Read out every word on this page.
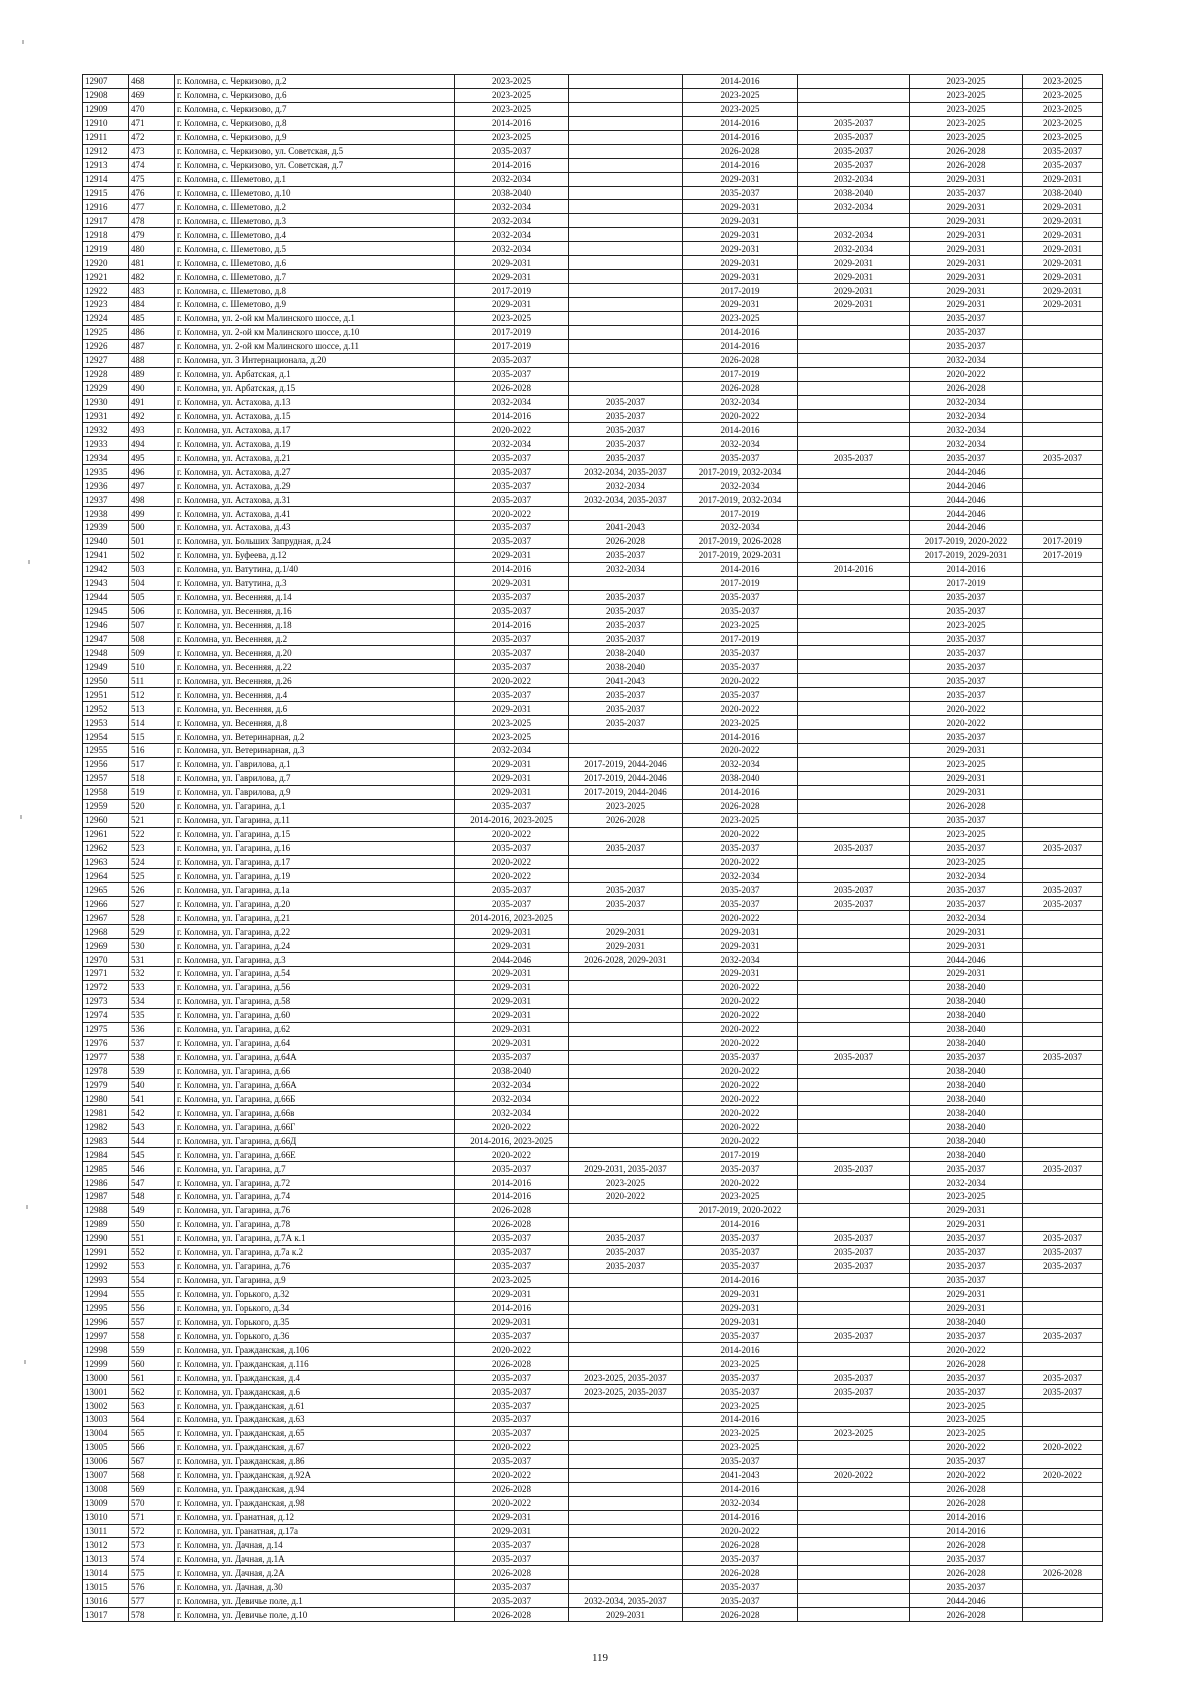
12907	468	г. Коломна, с. Черкизово, д.2	2023-2025		2014-2016		2023-2025	2023-2025
12908	469	г. Коломна, с. Черкизово, д.6	2023-2025		2023-2025		2023-2025	2023-2025
12909	470	г. Коломна, с. Черкизово, д.7	2023-2025		2023-2025		2023-2025	2023-2025
12910	471	г. Коломна, с. Черкизово, д.8	2014-2016		2014-2016	2035-2037	2023-2025	2023-2025
12911	472	г. Коломна, с. Черкизово, д.9	2023-2025		2014-2016	2035-2037	2023-2025	2023-2025
12912	473	г. Коломна, с. Черкизово, ул. Советская, д.5	2035-2037		2026-2028	2035-2037	2026-2028	2035-2037
12913	474	г. Коломна, с. Черкизово, ул. Советская, д.7	2014-2016		2014-2016	2035-2037	2026-2028	2035-2037
12914	475	г. Коломна, с. Шеметово, д.1	2032-2034		2029-2031	2032-2034	2029-2031	2029-2031
12915	476	г. Коломна, с. Шеметово, д.10	2038-2040		2035-2037	2038-2040	2035-2037	2038-2040
12916	477	г. Коломна, с. Шеметово, д.2	2032-2034		2029-2031	2032-2034	2029-2031	2029-2031
12917	478	г. Коломна, с. Шеметово, д.3	2032-2034		2029-2031		2029-2031	2029-2031
12918	479	г. Коломна, с. Шеметово, д.4	2032-2034		2029-2031	2032-2034	2029-2031	2029-2031
12919	480	г. Коломна, с. Шеметово, д.5	2032-2034		2029-2031	2032-2034	2029-2031	2029-2031
12920	481	г. Коломна, с. Шеметово, д.6	2029-2031		2029-2031	2029-2031	2029-2031	2029-2031
12921	482	г. Коломна, с. Шеметово, д.7	2029-2031		2029-2031	2029-2031	2029-2031	2029-2031
12922	483	г. Коломна, с. Шеметово, д.8	2017-2019		2017-2019	2029-2031	2029-2031	2029-2031
12923	484	г. Коломна, с. Шеметово, д.9	2029-2031		2029-2031	2029-2031	2029-2031	2029-2031
12924	485	г. Коломна, ул. 2-ой км Малинского шоссе, д.1	2023-2025		2023-2025		2035-2037	
12925	486	г. Коломна, ул. 2-ой км Малинского шоссе, д.10	2017-2019		2014-2016		2035-2037	
12926	487	г. Коломна, ул. 2-ой км Малинского шоссе, д.11	2017-2019		2014-2016		2035-2037	
12927	488	г. Коломна, ул. 3 Интернационала, д.20	2035-2037		2026-2028		2032-2034	
12928	489	г. Коломна, ул. Арбатская, д.1	2035-2037		2017-2019		2020-2022	
12929	490	г. Коломна, ул. Арбатская, д.15	2026-2028		2026-2028		2026-2028	
12930	491	г. Коломна, ул. Астахова, д.13	2032-2034	2035-2037	2032-2034		2032-2034	
12931	492	г. Коломна, ул. Астахова, д.15	2014-2016	2035-2037	2020-2022		2032-2034	
12932	493	г. Коломна, ул. Астахова, д.17	2020-2022	2035-2037	2014-2016		2032-2034	
12933	494	г. Коломна, ул. Астахова, д.19	2032-2034	2035-2037	2032-2034		2032-2034	
12934	495	г. Коломна, ул. Астахова, д.21	2035-2037	2035-2037	2035-2037	2035-2037	2035-2037	2035-2037
12935	496	г. Коломна, ул. Астахова, д.27	2035-2037	2032-2034, 2035-2037	2017-2019, 2032-2034		2044-2046	
12936	497	г. Коломна, ул. Астахова, д.29	2035-2037	2032-2034	2032-2034		2044-2046	
12937	498	г. Коломна, ул. Астахова, д.31	2035-2037	2032-2034, 2035-2037	2017-2019, 2032-2034		2044-2046	
12938	499	г. Коломна, ул. Астахова, д.41	2020-2022		2017-2019		2044-2046	
12939	500	г. Коломна, ул. Астахова, д.43	2035-2037	2041-2043	2032-2034		2044-2046	
12940	501	г. Коломна, ул. Больших Запрудная, д.24	2035-2037	2026-2028	2017-2019, 2026-2028		2017-2019, 2020-2022	2017-2019
12941	502	г. Коломна, ул. Буфеева, д.12	2029-2031	2035-2037	2017-2019, 2029-2031		2017-2019, 2029-2031	2017-2019
12942	503	г. Коломна, ул. Ватутина, д.1/40	2014-2016	2032-2034	2014-2016	2014-2016	2014-2016	
12943	504	г. Коломна, ул. Ватутина, д.3	2029-2031		2017-2019		2017-2019	
12944	505	г. Коломна, ул. Весенняя, д.14	2035-2037	2035-2037	2035-2037		2035-2037	
12945	506	г. Коломна, ул. Весенняя, д.16	2035-2037	2035-2037	2035-2037		2035-2037	
12946	507	г. Коломна, ул. Весенняя, д.18	2014-2016	2035-2037	2023-2025		2023-2025	
12947	508	г. Коломна, ул. Весенняя, д.2	2035-2037	2035-2037	2017-2019		2035-2037	
12948	509	г. Коломна, ул. Весенняя, д.20	2035-2037	2038-2040	2035-2037		2035-2037	
12949	510	г. Коломна, ул. Весенняя, д.22	2035-2037	2038-2040	2035-2037		2035-2037	
12950	511	г. Коломна, ул. Весенняя, д.26	2020-2022	2041-2043	2020-2022		2035-2037	
12951	512	г. Коломна, ул. Весенняя, д.4	2035-2037	2035-2037	2035-2037		2035-2037	
12952	513	г. Коломна, ул. Весенняя, д.6	2029-2031	2035-2037	2020-2022		2020-2022	
12953	514	г. Коломна, ул. Весенняя, д.8	2023-2025	2035-2037	2023-2025		2020-2022	
12954	515	г. Коломна, ул. Ветеринарная, д.2	2023-2025		2014-2016		2035-2037	
12955	516	г. Коломна, ул. Ветеринарная, д.3	2032-2034		2020-2022		2029-2031	
12956	517	г. Коломна, ул. Гаврилова, д.1	2029-2031	2017-2019, 2044-2046	2032-2034		2023-2025	
12957	518	г. Коломна, ул. Гаврилова, д.7	2029-2031	2017-2019, 2044-2046	2038-2040		2029-2031	
12958	519	г. Коломна, ул. Гаврилова, д.9	2029-2031	2017-2019, 2044-2046	2014-2016		2029-2031	
12959	520	г. Коломна, ул. Гагарина, д.1	2035-2037	2023-2025	2026-2028		2026-2028	
12960	521	г. Коломна, ул. Гагарина, д.11	2014-2016, 2023-2025	2026-2028	2023-2025		2035-2037	
12961	522	г. Коломна, ул. Гагарина, д.15	2020-2022		2020-2022		2023-2025	
12962	523	г. Коломна, ул. Гагарина, д.16	2035-2037	2035-2037	2035-2037	2035-2037	2035-2037	2035-2037
12963	524	г. Коломна, ул. Гагарина, д.17	2020-2022		2020-2022		2023-2025	
12964	525	г. Коломна, ул. Гагарина, д.19	2020-2022		2032-2034		2032-2034	
12965	526	г. Коломна, ул. Гагарина, д.1а	2035-2037	2035-2037	2035-2037	2035-2037	2035-2037	2035-2037
12966	527	г. Коломна, ул. Гагарина, д.20	2035-2037	2035-2037	2035-2037	2035-2037	2035-2037	2035-2037
12967	528	г. Коломна, ул. Гагарина, д.21	2014-2016, 2023-2025		2020-2022		2032-2034	
12968	529	г. Коломна, ул. Гагарина, д.22	2029-2031	2029-2031	2029-2031		2029-2031	
12969	530	г. Коломна, ул. Гагарина, д.24	2029-2031	2029-2031	2029-2031		2029-2031	
12970	531	г. Коломна, ул. Гагарина, д.3	2044-2046	2026-2028, 2029-2031	2032-2034		2044-2046	
12971	532	г. Коломна, ул. Гагарина, д.54	2029-2031		2029-2031		2029-2031	
12972	533	г. Коломна, ул. Гагарина, д.56	2029-2031		2020-2022		2038-2040	
12973	534	г. Коломна, ул. Гагарина, д.58	2029-2031		2020-2022		2038-2040	
12974	535	г. Коломна, ул. Гагарина, д.60	2029-2031		2020-2022		2038-2040	
12975	536	г. Коломна, ул. Гагарина, д.62	2029-2031		2020-2022		2038-2040	
12976	537	г. Коломна, ул. Гагарина, д.64	2029-2031		2020-2022		2038-2040	
12977	538	г. Коломна, ул. Гагарина, д.64А	2035-2037		2035-2037	2035-2037	2035-2037	2035-2037
12978	539	г. Коломна, ул. Гагарина, д.66	2038-2040		2020-2022		2038-2040	
12979	540	г. Коломна, ул. Гагарина, д.66А	2032-2034		2020-2022		2038-2040	
12980	541	г. Коломна, ул. Гагарина, д.66Б	2032-2034		2020-2022		2038-2040	
12981	542	г. Коломна, ул. Гагарина, д.66в	2032-2034		2020-2022		2038-2040	
12982	543	г. Коломна, ул. Гагарина, д.66Г	2020-2022		2020-2022		2038-2040	
12983	544	г. Коломна, ул. Гагарина, д.66Д	2014-2016, 2023-2025		2020-2022		2038-2040	
12984	545	г. Коломна, ул. Гагарина, д.66Е	2020-2022		2017-2019		2038-2040	
12985	546	г. Коломна, ул. Гагарина, д.7	2035-2037	2029-2031, 2035-2037	2035-2037	2035-2037	2035-2037	2035-2037
12986	547	г. Коломна, ул. Гагарина, д.72	2014-2016	2023-2025	2020-2022		2032-2034	
12987	548	г. Коломна, ул. Гагарина, д.74	2014-2016	2020-2022	2023-2025		2023-2025	
12988	549	г. Коломна, ул. Гагарина, д.76	2026-2028		2017-2019, 2020-2022		2029-2031	
12989	550	г. Коломна, ул. Гагарина, д.78	2026-2028		2014-2016		2029-2031	
12990	551	г. Коломна, ул. Гагарина, д.7А к.1	2035-2037	2035-2037	2035-2037	2035-2037	2035-2037	2035-2037
12991	552	г. Коломна, ул. Гагарина, д.7а к.2	2035-2037	2035-2037	2035-2037	2035-2037	2035-2037	2035-2037
12992	553	г. Коломна, ул. Гагарина, д.76	2035-2037	2035-2037	2035-2037	2035-2037	2035-2037	2035-2037
12993	554	г. Коломна, ул. Гагарина, д.9	2023-2025		2014-2016		2035-2037	
12994	555	г. Коломна, ул. Горького, д.32	2029-2031		2029-2031		2029-2031	
12995	556	г. Коломна, ул. Горького, д.34	2014-2016		2029-2031		2029-2031	
12996	557	г. Коломна, ул. Горького, д.35	2029-2031		2029-2031		2038-2040	
12997	558	г. Коломна, ул. Горького, д.36	2035-2037		2035-2037	2035-2037	2035-2037	2035-2037
12998	559	г. Коломна, ул. Гражданская, д.106	2020-2022		2014-2016		2020-2022	
12999	560	г. Коломна, ул. Гражданская, д.116	2026-2028		2023-2025		2026-2028	
13000	561	г. Коломна, ул. Гражданская, д.4	2035-2037	2023-2025, 2035-2037	2035-2037	2035-2037	2035-2037	2035-2037
13001	562	г. Коломна, ул. Гражданская, д.6	2035-2037	2023-2025, 2035-2037	2035-2037	2035-2037	2035-2037	2035-2037
13002	563	г. Коломна, ул. Гражданская, д.61	2035-2037		2023-2025		2023-2025	
13003	564	г. Коломна, ул. Гражданская, д.63	2035-2037		2014-2016		2023-2025	
13004	565	г. Коломна, ул. Гражданская, д.65	2035-2037		2023-2025	2023-2025	2023-2025	
13005	566	г. Коломна, ул. Гражданская, д.67	2020-2022		2023-2025		2020-2022	2020-2022
13006	567	г. Коломна, ул. Гражданская, д.86	2035-2037		2035-2037		2035-2037	
13007	568	г. Коломна, ул. Гражданская, д.92А	2020-2022		2041-2043	2020-2022	2020-2022	2020-2022
13008	569	г. Коломна, ул. Гражданская, д.94	2026-2028		2014-2016		2026-2028	
13009	570	г. Коломна, ул. Гражданская, д.98	2020-2022		2032-2034		2026-2028	
13010	571	г. Коломна, ул. Гранатная, д.12	2029-2031		2014-2016		2014-2016	
13011	572	г. Коломна, ул. Гранатная, д.17а	2029-2031		2020-2022		2014-2016	
13012	573	г. Коломна, ул. Дачная, д.14	2035-2037		2026-2028		2026-2028	
13013	574	г. Коломна, ул. Дачная, д.1А	2035-2037		2035-2037		2035-2037	
13014	575	г. Коломна, ул. Дачная, д.2А	2026-2028		2026-2028		2026-2028	2026-2028
13015	576	г. Коломна, ул. Дачная, д.30	2035-2037		2035-2037		2035-2037	
13016	577	г. Коломна, ул. Девичье поле, д.1	2035-2037	2032-2034, 2035-2037	2035-2037		2044-2046	
13017	578	г. Коломна, ул. Девичье поле, д.10	2026-2028	2029-2031	2026-2028		2026-2028	
119
